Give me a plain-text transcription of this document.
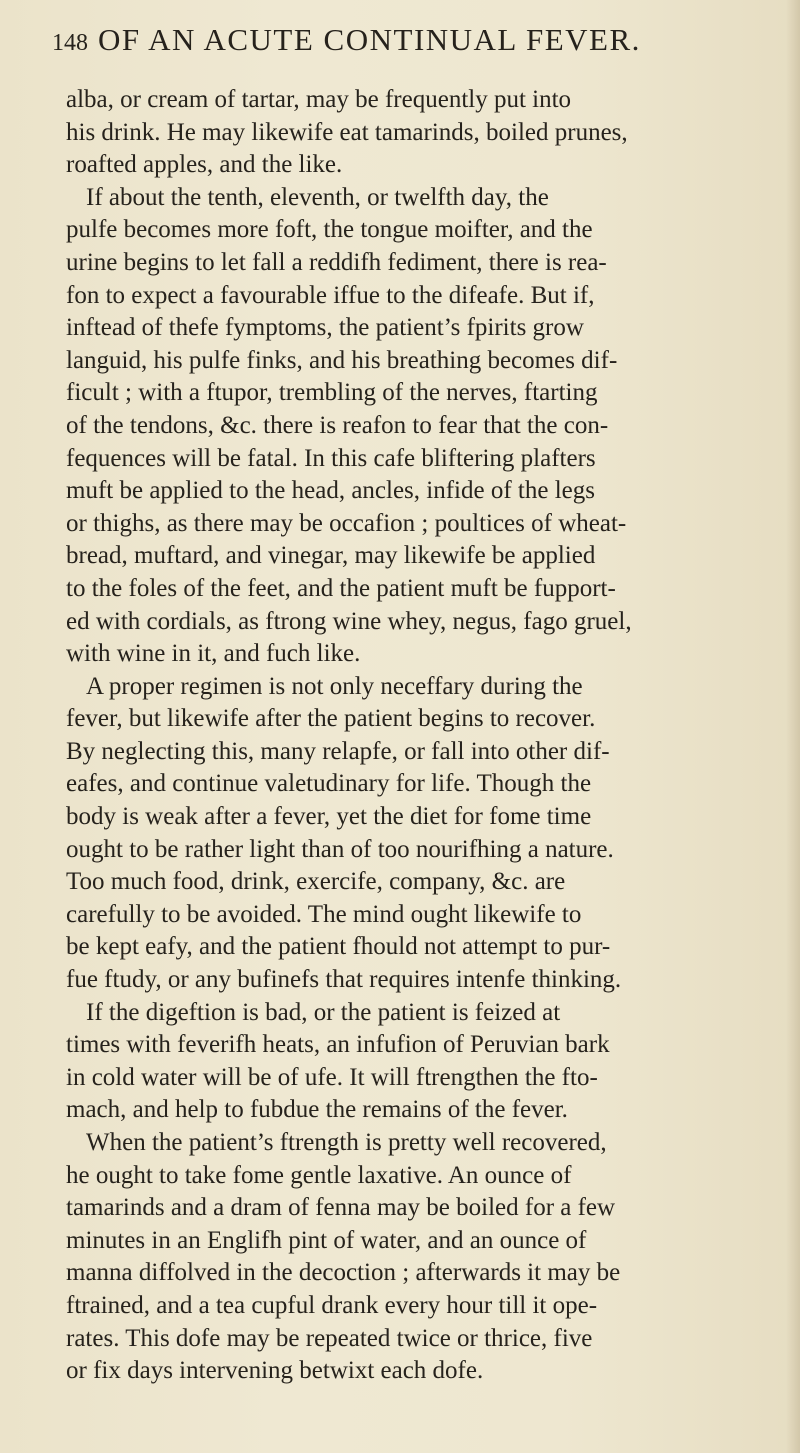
148 OF AN ACUTE CONTINUAL FEVER.
alba, or cream of tartar, may be frequently put into
his drink. He may likewife eat tamarinds, boiled prunes,
roafted apples, and the like.
If about the tenth, eleventh, or twelfth day, the
pulfe becomes more foft, the tongue moifter, and the
urine begins to let fall a reddifh fediment, there is rea-
fon to expect a favourable iffue to the difeafe. But if,
inftead of thefe fymptoms, the patient’s fpirits grow
languid, his pulfe finks, and his breathing becomes dif-
ficult ; with a ftupor, trembling of the nerves, ftarting
of the tendons, &c. there is reafon to fear that the con-
fequences will be fatal. In this cafe bliftering plafters
muft be applied to the head, ancles, infide of the legs
or thighs, as there may be occafion ; poultices of wheat-
bread, muftard, and vinegar, may likewife be applied
to the foles of the feet, and the patient muft be fupport-
ed with cordials, as ftrong wine whey, negus, fago gruel,
with wine in it, and fuch like.
A proper regimen is not only neceffary during the
fever, but likewife after the patient begins to recover.
By neglecting this, many relapfe, or fall into other dif-
eafes, and continue valetudinary for life. Though the
body is weak after a fever, yet the diet for fome time
ought to be rather light than of too nourifhing a nature.
Too much food, drink, exercife, company, &c. are
carefully to be avoided. The mind ought likewife to
be kept eafy, and the patient fhould not attempt to pur-
fue ftudy, or any bufinefs that requires intenfe thinking.
If the digeftion is bad, or the patient is feized at
times with feverifh heats, an infufion of Peruvian bark
in cold water will be of ufe. It will ftrengthen the fto-
mach, and help to fubdue the remains of the fever.
When the patient’s ftrength is pretty well recovered,
he ought to take fome gentle laxative. An ounce of
tamarinds and a dram of fenna may be boiled for a few
minutes in an Englifh pint of water, and an ounce of
manna diffolved in the decoction ; afterwards it may be
ftrained, and a tea cupful drank every hour till it ope-
rates. This dofe may be repeated twice or thrice, five
or fix days intervening betwixt each dofe.
